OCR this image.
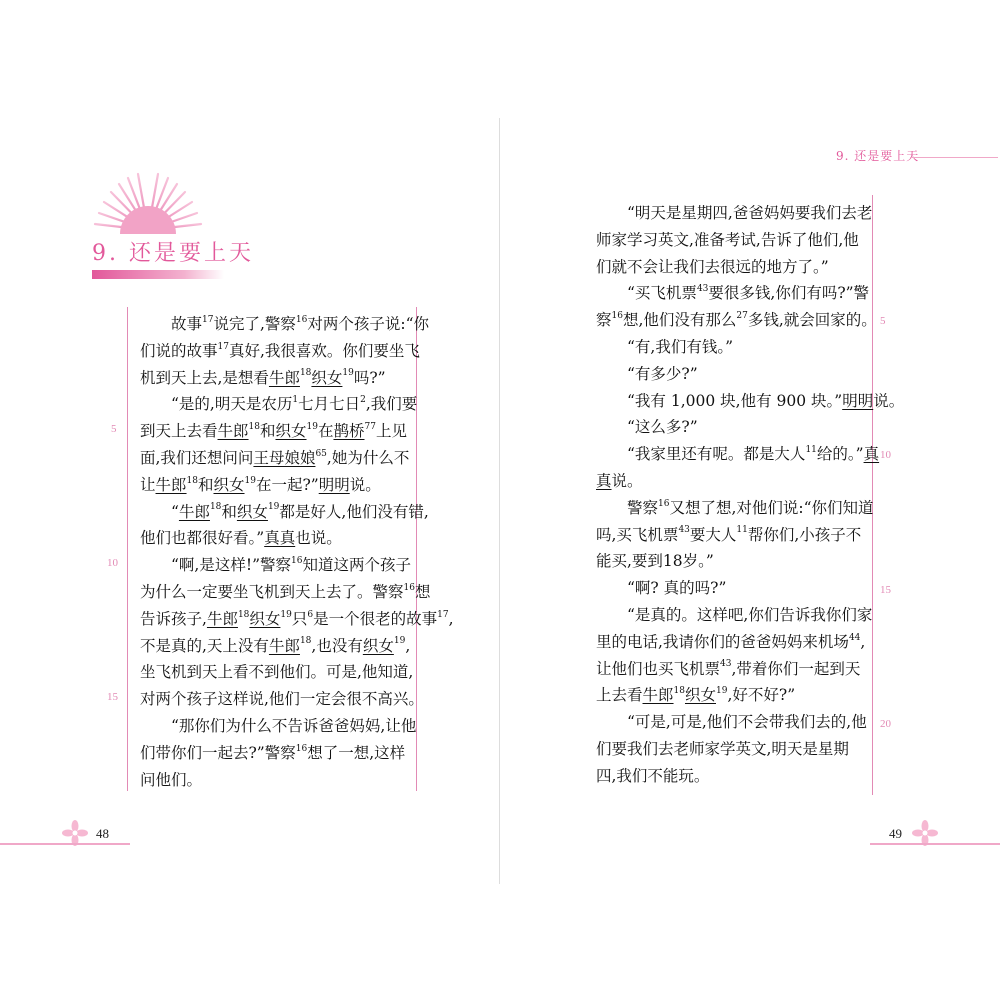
9. 还是要上天
9. 还是要上天
　　故事$^{17}$说完了,警察$^{16}$对两个孩子说:“你
们说的故事$^{17}$真好,我很喜欢。你们要坐飞
机到天上去,是想看牛郎$^{18}$织女$^{19}$吗?”
　　“是的,明天是农历$^1$七月七日$^2$,我们要
到天上去看牛郎$^{18}$和织女$^{19}$在鹊桥$^{77}$上见
面,我们还想问问王母娘娘$^{65}$,她为什么不
让牛郎$^{18}$和织女$^{19}$在一起?”明明说。
　　“牛郎$^{18}$和织女$^{19}$都是好人,他们没有错,
他们也都很好看。”真真也说。
　　“啊,是这样!”警察$^{16}$知道这两个孩子
为什么一定要坐飞机到天上去了。警察$^{16}$想
告诉孩子,牛郎$^{18}$织女$^{19}$只$^6$是一个很老的故事$^{17}$,
不是真的,天上没有牛郎$^{18}$,也没有织女$^{19}$,
坐飞机到天上看不到他们。可是,他知道,
对两个孩子这样说,他们一定会很不高兴。
　　“那你们为什么不告诉爸爸妈妈,让他
们带你们一起去?”警察$^{16}$想了一想,这样
问他们。
5
10
15
　　“明天是星期四,爸爸妈妈要我们去老
师家学习英文,准备考试,告诉了他们,他
们就不会让我们去很远的地方了。”
　　“买飞机票$^{43}$要很多钱,你们有吗?”警
察$^{16}$想,他们没有那么$^{27}$多钱,就会回家的。
　　“有,我们有钱。”
　　“有多少?”
　　“我有 1,000 块,他有 900 块。”明明说。
　　“这么多?”
　　“我家里还有呢。都是大人$^{11}$给的。”真
真说。
　　警察$^{16}$又想了想,对他们说:“你们知道
吗,买飞机票$^{43}$要大人$^{11}$帮你们,小孩子不
能买,要到18岁。”
　　“啊? 真的吗?”
　　“是真的。这样吧,你们告诉我你们家
里的电话,我请你们的爸爸妈妈来机场$^{44}$,
让他们也买飞机票$^{43}$,带着你们一起到天
上去看牛郎$^{18}$织女$^{19}$,好不好?”
　　“可是,可是,他们不会带我们去的,他
们要我们去老师家学英文,明天是星期
四,我们不能玩。
5
10
15
20
48	49
